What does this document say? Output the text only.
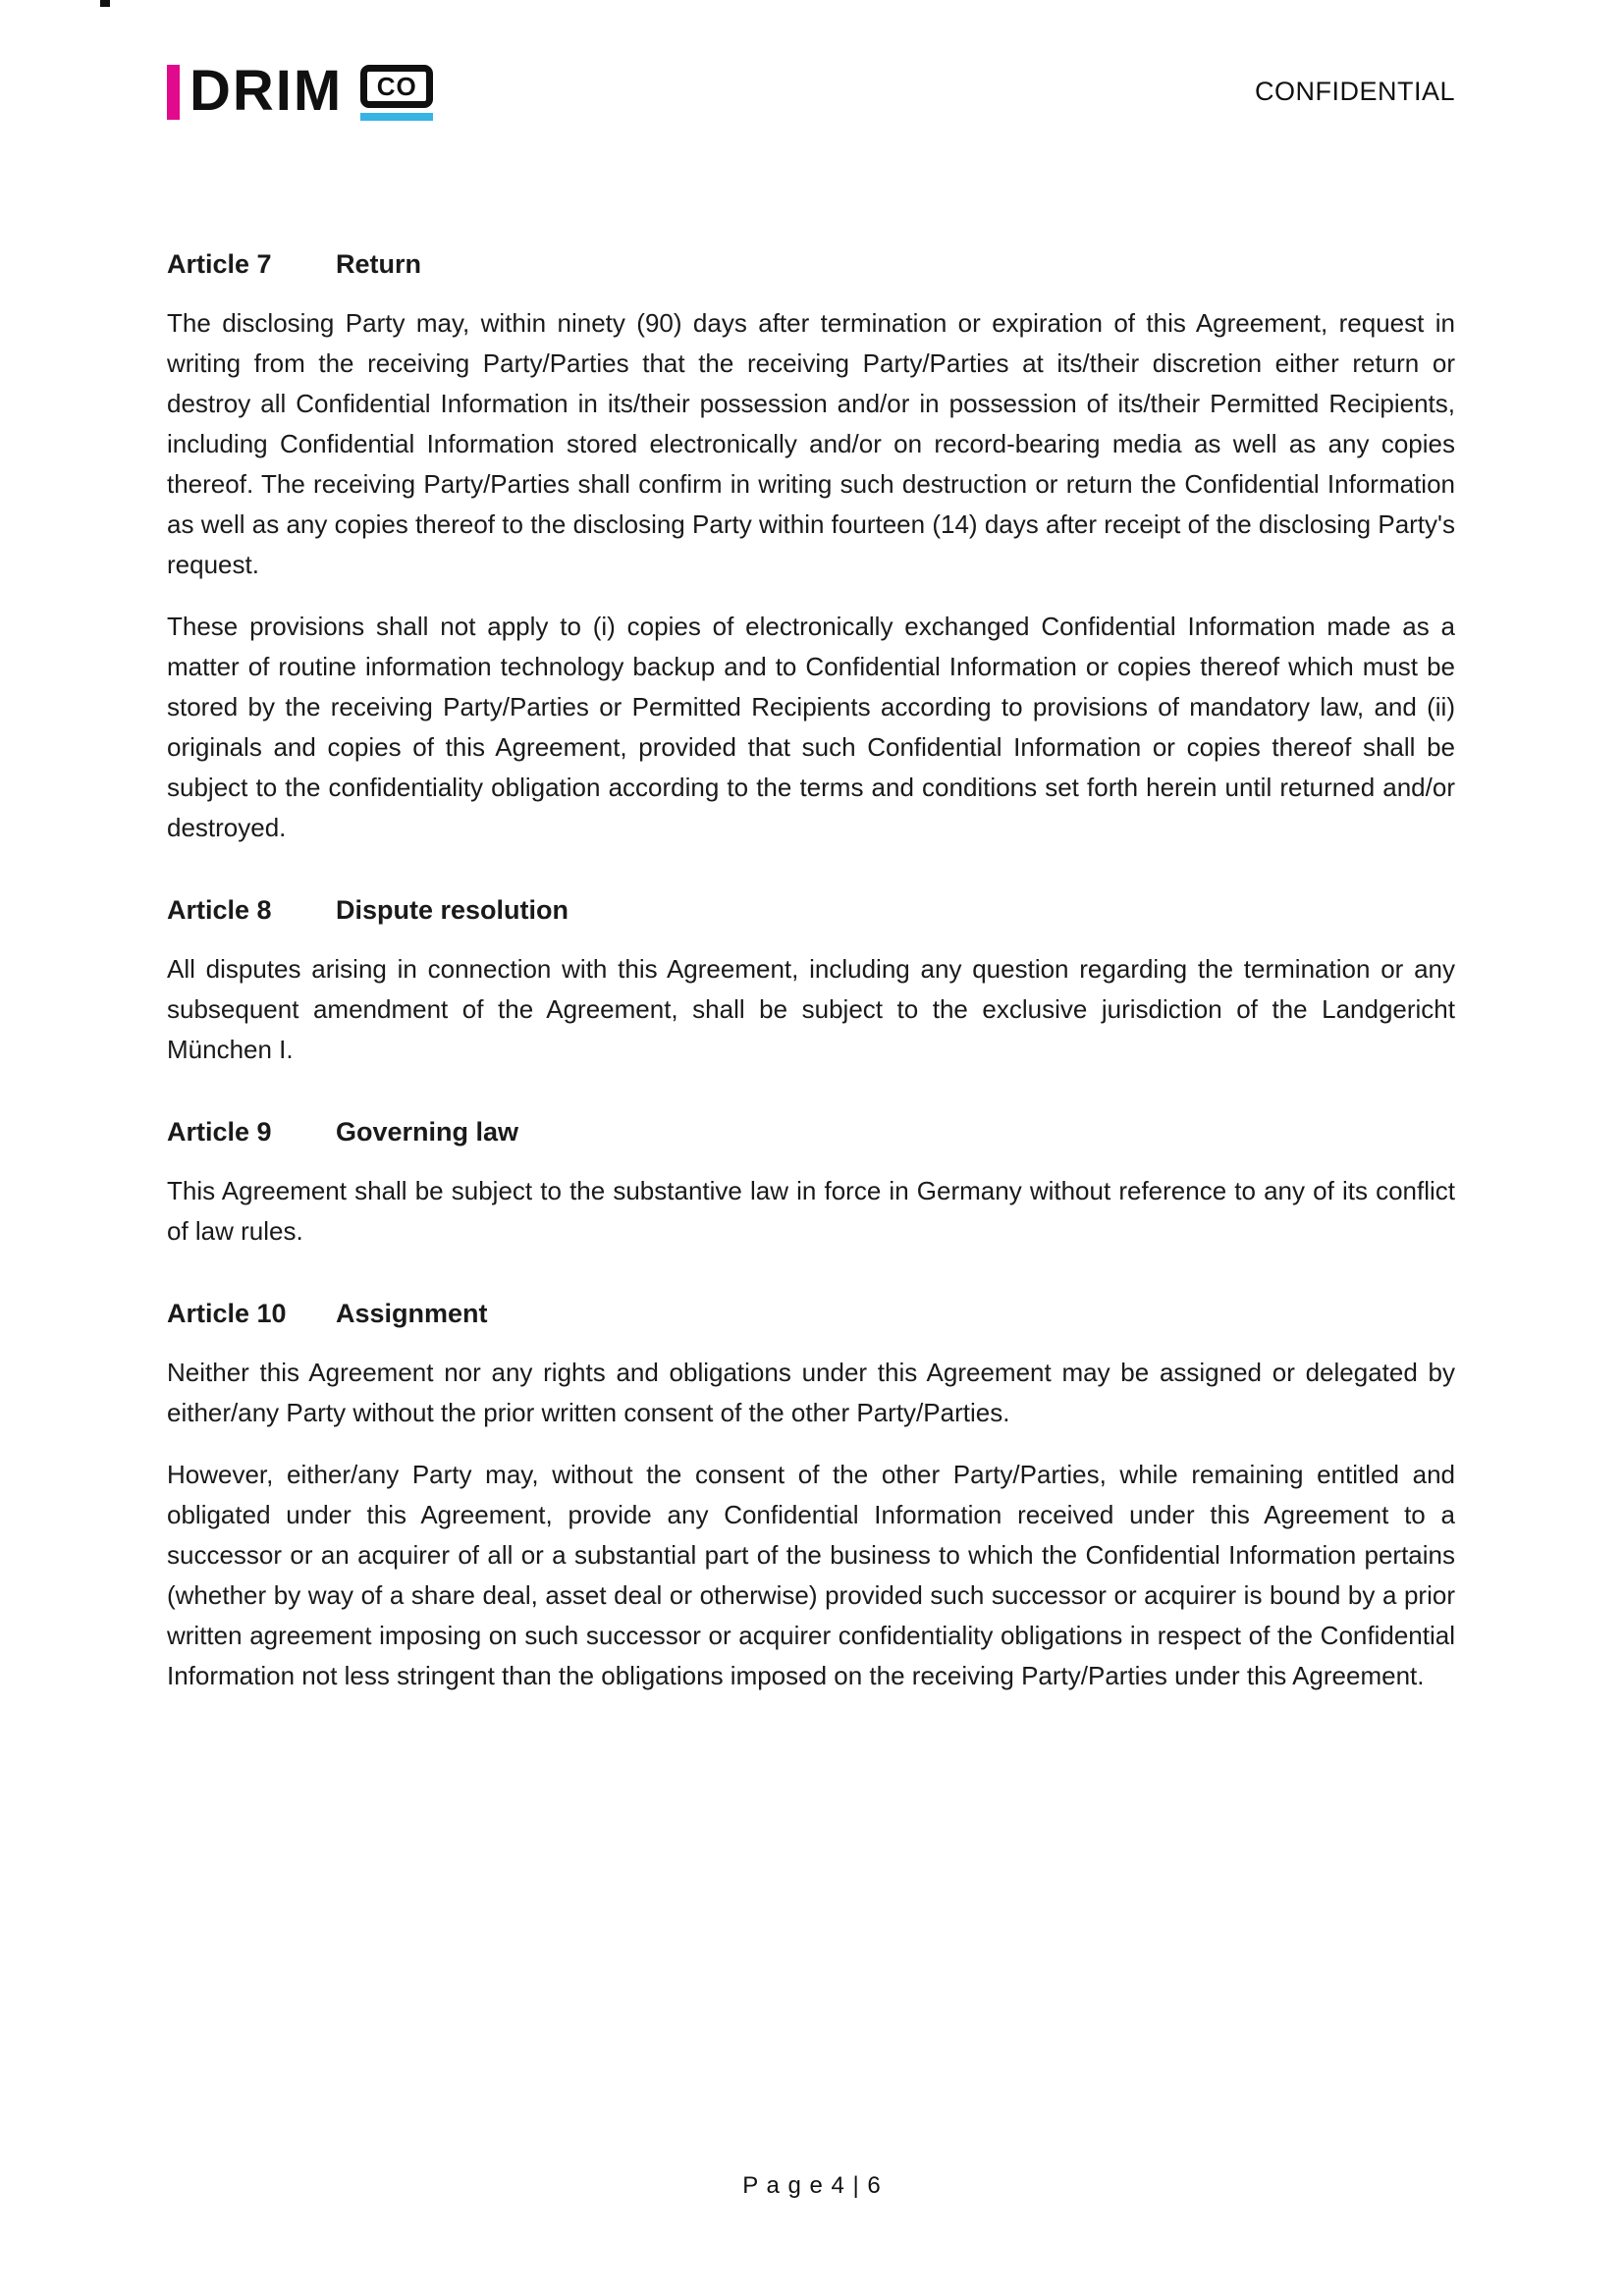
DRIM	CO	CONFIDENTIAL
Article 7	Return

The disclosing Party may, within ninety (90) days after termination or expiration of this Agreement, request in writing from the receiving Party/Parties that the receiving Party/Parties at its/their discretion either return or destroy all Confidential Information in its/their possession and/or in possession of its/their Permitted Recipients, including Confidential Information stored electronically and/or on record-bearing media as well as any copies thereof. The receiving Party/Parties shall confirm in writing such destruction or return the Confidential Information as well as any copies thereof to the disclosing Party within fourteen (14) days after receipt of the disclosing Party's request.

These provisions shall not apply to (i) copies of electronically exchanged Confidential Information made as a matter of routine information technology backup and to Confidential Information or copies thereof which must be stored by the receiving Party/Parties or Permitted Recipients according to provisions of mandatory law, and (ii) originals and copies of this Agreement, provided that such Confidential Information or copies thereof shall be subject to the confidentiality obligation according to the terms and conditions set forth herein until returned and/or destroyed.

Article 8	Dispute resolution

All disputes arising in connection with this Agreement, including any question regarding the termination or any subsequent amendment of the Agreement, shall be subject to the exclusive jurisdiction of the Landgericht München I.

Article 9	Governing law

This Agreement shall be subject to the substantive law in force in Germany without reference to any of its conflict of law rules.

Article 10	Assignment

Neither this Agreement nor any rights and obligations under this Agreement may be assigned or delegated by either/any Party without the prior written consent of the other Party/Parties.

However, either/any Party may, without the consent of the other Party/Parties, while remaining entitled and obligated under this Agreement, provide any Confidential Information received under this Agreement to a successor or an acquirer of all or a substantial part of the business to which the Confidential Information pertains (whether by way of a share deal, asset deal or otherwise) provided such successor or acquirer is bound by a prior written agreement imposing on such successor or acquirer confidentiality obligations in respect of the Confidential Information not less stringent than the obligations imposed on the receiving Party/Parties under this Agreement.

P a g e 4 | 6
